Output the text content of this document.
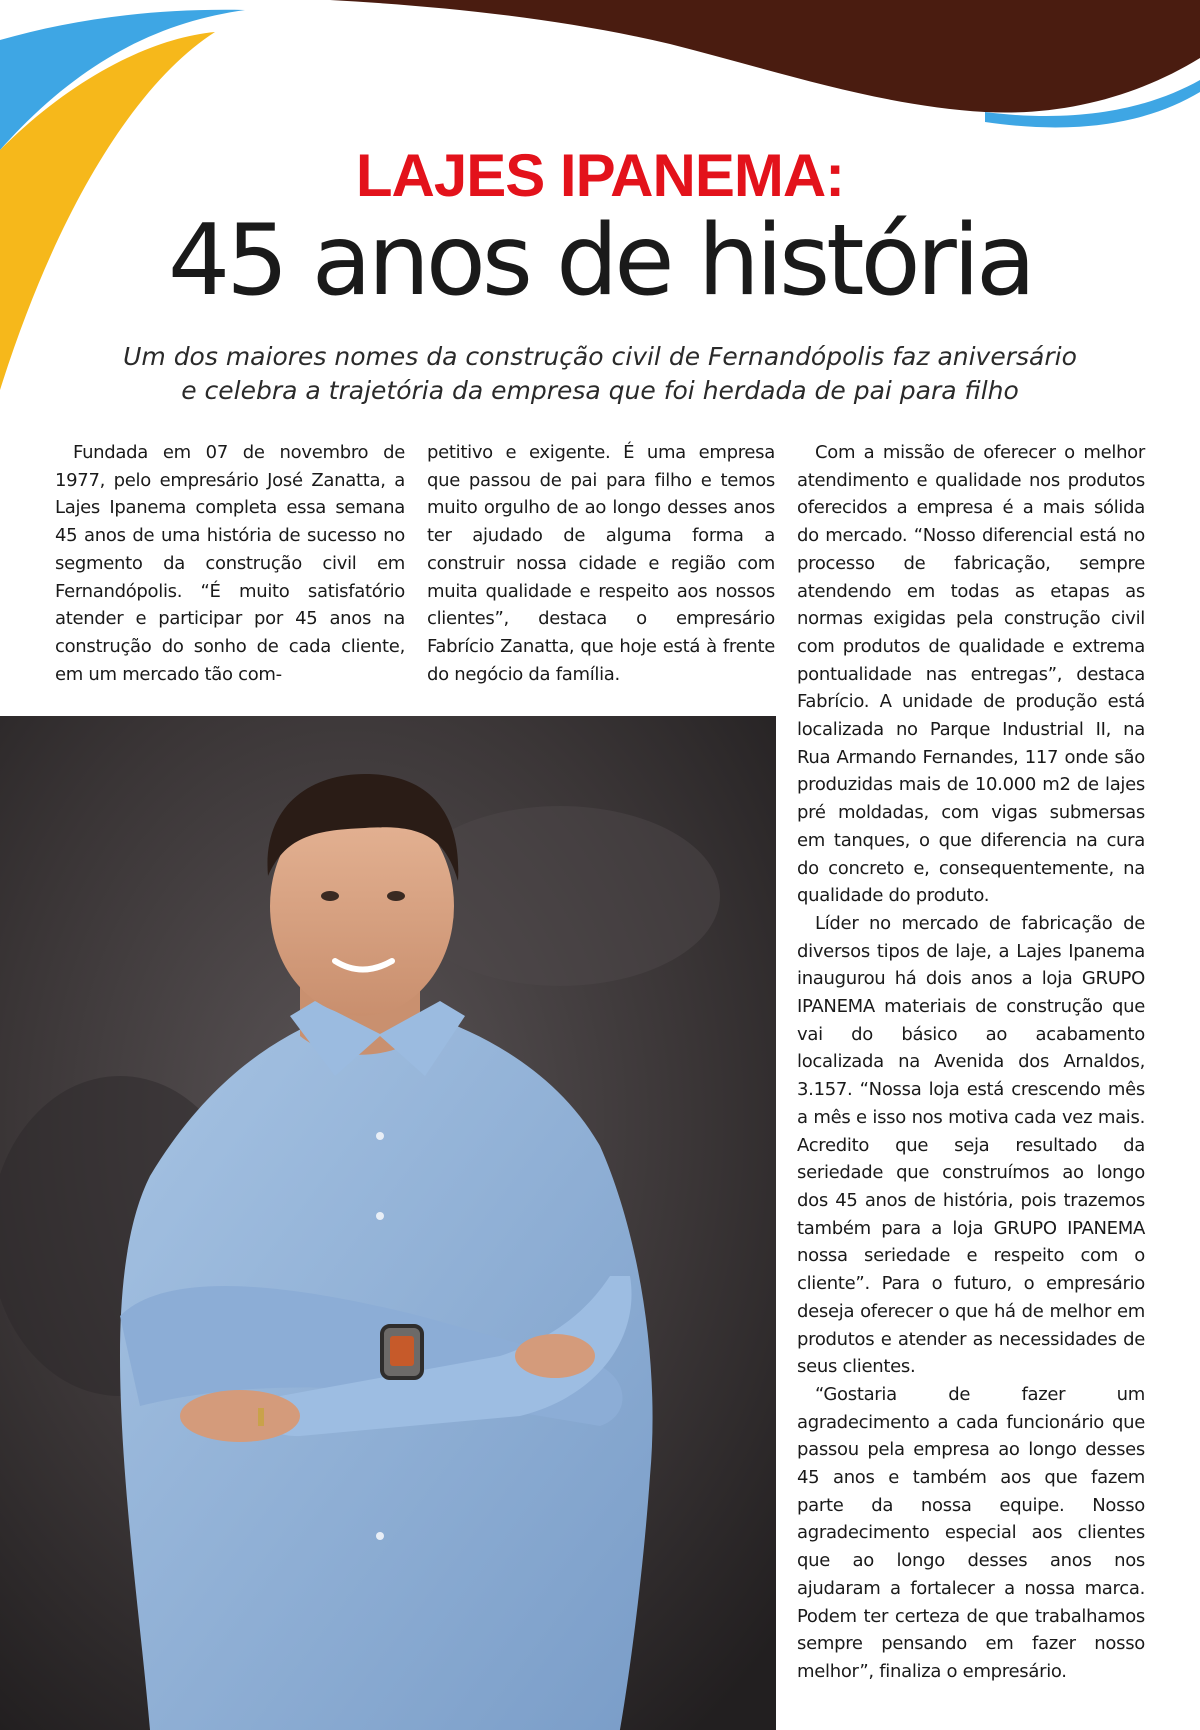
LAJES IPANEMA:
45 anos de história
Um dos maiores nomes da construção civil de Fernandópolis faz aniversário
e celebra a trajetória da empresa que foi herdada de pai para filho

Fundada em 07 de novembro de 1977, pelo empresário José Zanatta, a Lajes Ipanema completa essa semana 45 anos de uma história de sucesso no segmento da construção civil em Fernandópolis. “É muito satisfatório atender e participar por 45 anos na construção do sonho de cada cliente, em um mercado tão com-

petitivo e exigente. É uma empresa que passou de pai para filho e temos muito orgulho de ao longo desses anos ter ajudado de alguma forma a construir nossa cidade e região com muita qualidade e respeito aos nossos clientes”, destaca o empresário Fabrício Zanatta, que hoje está à frente do negócio da família.

Com a missão de oferecer o melhor atendimento e qualidade nos produtos oferecidos a empresa é a mais sólida do mercado. “Nosso diferencial está no processo de fabricação, sempre atendendo em todas as etapas as normas exigidas pela construção civil com produtos de qualidade e extrema pontualidade nas entregas”, destaca Fabrício. A unidade de produção está localizada no Parque Industrial II, na Rua Armando Fernandes, 117 onde são produzidas mais de 10.000 m2 de lajes pré moldadas, com vigas submersas em tanques, o que diferencia na cura do concreto e, consequentemente, na qualidade do produto.

Líder no mercado de fabricação de diversos tipos de laje, a Lajes Ipanema inaugurou há dois anos a loja GRUPO IPANEMA materiais de construção que vai do básico ao acabamento localizada na Avenida dos Arnaldos, 3.157. “Nossa loja está crescendo mês a mês e isso nos motiva cada vez mais. Acredito que seja resultado da seriedade que construímos ao longo dos 45 anos de história, pois trazemos também para a loja GRUPO IPANEMA nossa seriedade e respeito com o cliente”. Para o futuro, o empresário deseja oferecer o que há de melhor em produtos e atender as necessidades de seus clientes.

“Gostaria de fazer um agradecimento a cada funcionário que passou pela empresa ao longo desses 45 anos e também aos que fazem parte da nossa equipe. Nosso agradecimento especial aos clientes que ao longo desses anos nos ajudaram a fortalecer a nossa marca. Podem ter certeza de que trabalhamos sempre pensando em fazer nosso melhor”, finaliza o empresário.
